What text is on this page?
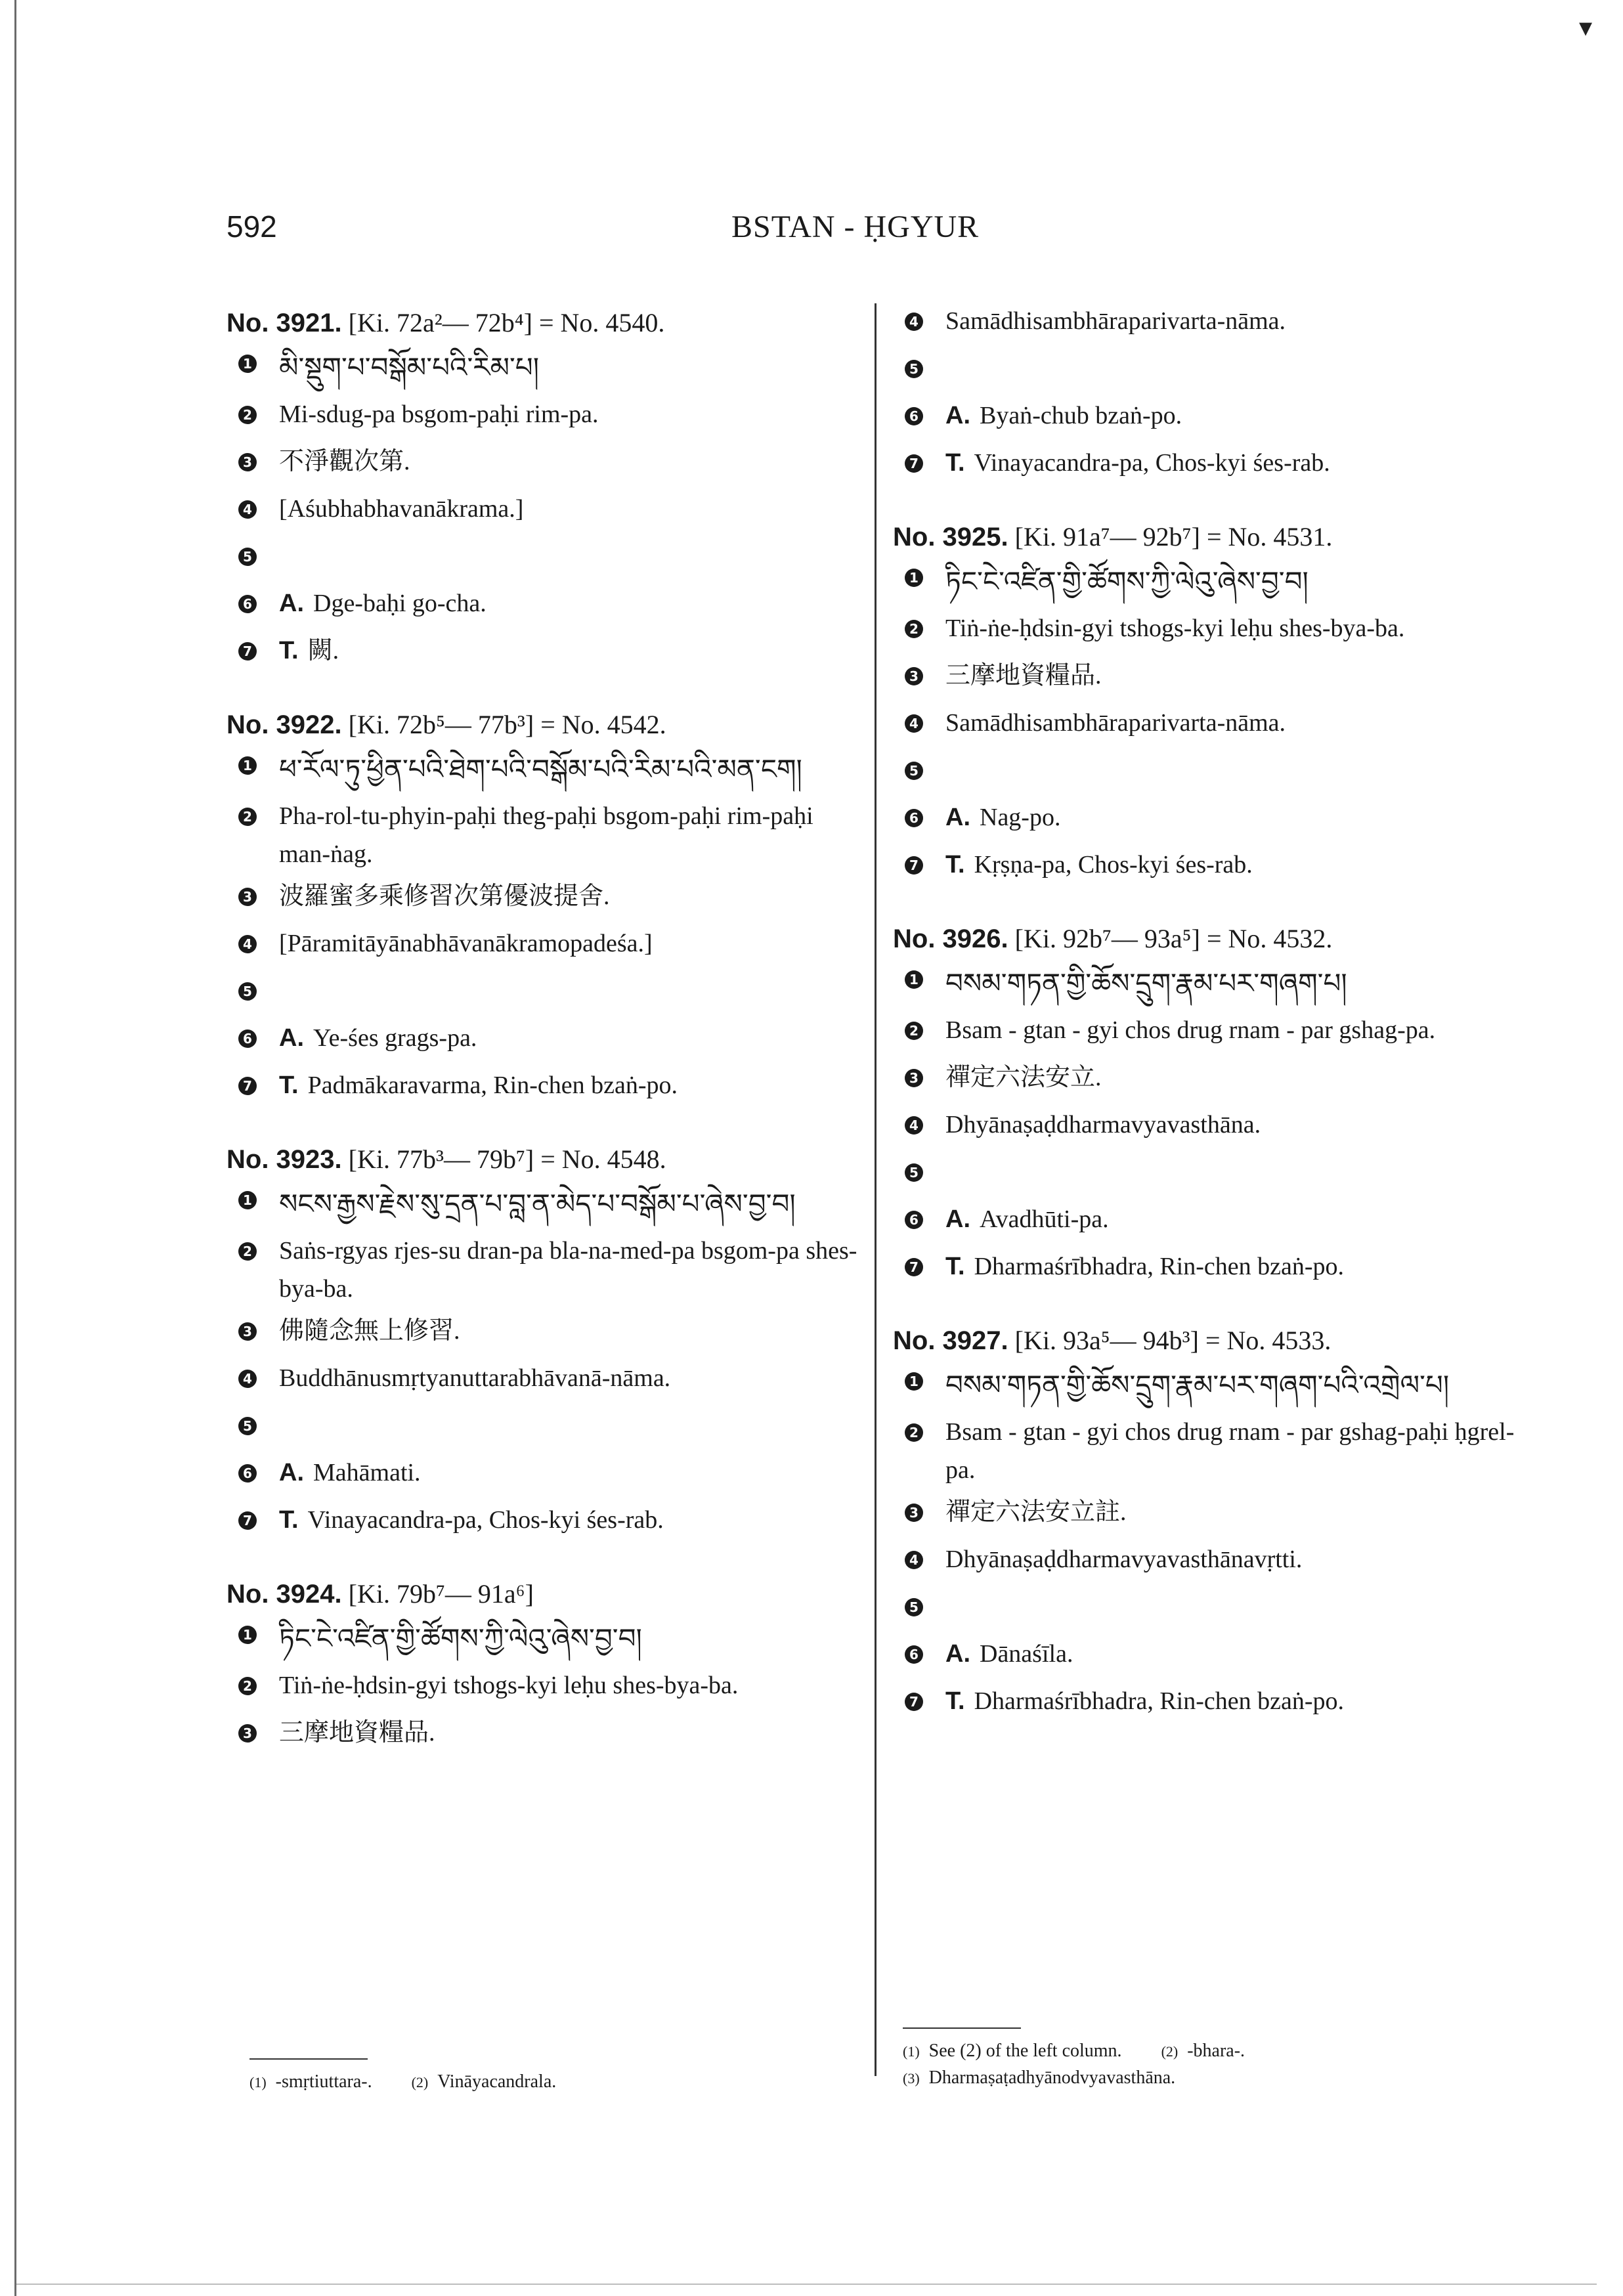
▾
592	BSTAN - ḤGYUR
No. 3921. [Ki. 72a²— 72b⁴] = No. 4540.
1 མི་སྡུག་པ་བསྒོམ་པའི་རིམ་པ།
2 Mi-sdug-pa bsgom-paḥi rim-pa.
3 不淨觀次第.
4 [Aśubhabhavanākrama.]
5
6 A. Dge-baḥi go-cha.
7 T. 闕.
No. 3922. [Ki. 72b⁵— 77b³] = No. 4542.
1 ཕ་རོལ་ཏུ་ཕྱིན་པའི་ཐེག་པའི་བསྒོམ་པའི་རིམ་པའི་མན་ངག།
2 Pha-rol-tu-phyin-paḥi theg-paḥi bsgom-paḥi rim-paḥi man-ṅag.
3 波羅蜜多乘修習次第優波提舍.
4 [Pāramitāyānabhāvanākramopadeśa.]
5
6 A. Ye-śes grags-pa.
7 T. Padmākaravarma, Rin-chen bzaṅ-po.
No. 3923. [Ki. 77b³— 79b⁷] = No. 4548.
1 སངས་རྒྱས་རྗེས་སུ་དྲན་པ་བླ་ན་མེད་པ་བསྒོམ་པ་ཞེས་བྱ་བ།
2 Saṅs-rgyas rjes-su dran-pa bla-na-med-pa bsgom-pa shes-bya-ba.
3 佛隨念無上修習.
4 Buddhānusmṛtyanuttarabhāvanā-nāma.
5
6 A. Mahāmati.
7 T. Vinayacandra-pa, Chos-kyi śes-rab.
No. 3924. [Ki. 79b⁷— 91a⁶]
1 ཏིང་ངེ་འཛིན་གྱི་ཚོགས་ཀྱི་ལེའུ་ཞེས་བྱ་བ།
2 Tiṅ-ṅe-ḥdsin-gyi tshogs-kyi leḥu shes-bya-ba.
3 三摩地資糧品.
4 Samādhisambhāraparivarta-nāma.
5
6 A. Byaṅ-chub bzaṅ-po.
7 T. Vinayacandra-pa, Chos-kyi śes-rab.
No. 3925. [Ki. 91a⁷— 92b⁷] = No. 4531.
1 ཏིང་ངེ་འཛིན་གྱི་ཚོགས་ཀྱི་ལེའུ་ཞེས་བྱ་བ།
2 Tiṅ-ṅe-ḥdsin-gyi tshogs-kyi leḥu shes-bya-ba.
3 三摩地資糧品.
4 Samādhisambhāraparivarta-nāma.
5
6 A. Nag-po.
7 T. Kṛṣṇa-pa, Chos-kyi śes-rab.
No. 3926. [Ki. 92b⁷— 93a⁵] = No. 4532.
1 བསམ་གཏན་གྱི་ཆོས་དྲུག་རྣམ་པར་གཞག་པ།
2 Bsam - gtan - gyi chos drug rnam - par gshag-pa.
3 禪定六法安立.
4 Dhyānaṣaḍdharmavyavasthāna.
5
6 A. Avadhūti-pa.
7 T. Dharmaśrībhadra, Rin-chen bzaṅ-po.
No. 3927. [Ki. 93a⁵— 94b³] = No. 4533.
1 བསམ་གཏན་གྱི་ཆོས་དྲུག་རྣམ་པར་གཞག་པའི་འགྲེལ་པ།
2 Bsam - gtan - gyi chos drug rnam - par gshag-paḥi ḥgrel-pa.
3 禪定六法安立註.
4 Dhyānaṣaḍdharmavyavasthānavṛtti.
5
6 A. Dānaśīla.
7 T. Dharmaśrībhadra, Rin-chen bzaṅ-po.
(1) -smṛtiuttara-.	(2) Vināyacandrala.
(1) See (2) of the left column.	(2) -bhara-.
(3) Dharmaṣaṭadhyānodvyavasthāna.
